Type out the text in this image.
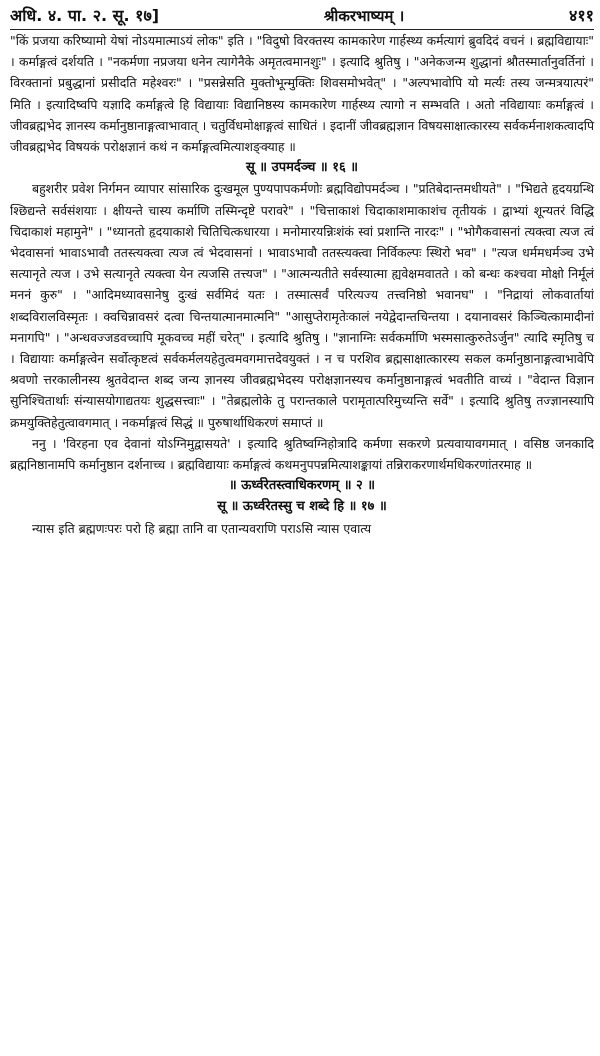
अधि. ४. पा. २. सू. १७]	श्रीकरभाष्यम् ।	४११

"किं प्रजया करिष्यामो येषां नोऽयमात्माऽयं लोक" इति । "विदुषो विरक्तस्य कामकारेण गार्हस्थ्य कर्मत्यागं ब्रुवदिदं वचनं । ब्रह्मविद्यायाः" । कर्माङ्गत्वं दर्शयति । "नकर्मणा नप्रजया धनेन त्यागेनैके अमृतत्वमानशुः" । इत्यादि श्रुतिषु । "अनेकजन्म शुद्धानां श्रौतस्मार्तानुवर्तिनां । विरक्तानां प्रबुद्धानां प्रसीदति महेश्वरः" । "प्रसन्नेसति मुक्तोभून्मुक्तिः शिवसमोभवेत्" । "अल्पभावोपि यो मर्त्यः तस्य जन्मत्रयात्परं" मिति । इत्यादिष्वपि यज्ञादि कर्माङ्गत्वे हि विद्यायाः विद्यानिष्ठस्य कामकारेण गार्हस्थ्य त्यागो न सम्भवति । अतो नविद्यायाः कर्माङ्गत्वं । जीवब्रह्मभेद ज्ञानस्य कर्मानुष्ठानाङ्गत्वाभावात् । चतुर्विधमोक्षाङ्गत्वं साधितं । इदानीं जीवब्रह्मज्ञान विषयसाक्षात्कारस्य सर्वकर्मनाशकत्वादपि जीवब्रह्मभेद विषयकं परोक्षज्ञानं कथं न कर्माङ्गत्वमित्याशङ्क्याह ॥

सू ॥ उपमर्दञ्च ॥ १६ ॥

बहुशरीर प्रवेश निर्गमन व्यापार सांसारिक दुःखमूल पुण्यपापकर्मणोः ब्रह्मविद्योपमर्दञ्च । "प्रतिबेदान्तमधीयते" । "भिद्यते हृदयग्रन्थि श्छिद्यन्ते सर्वसंशयाः । क्षीयन्ते चास्य कर्माणि तस्मिन्दृष्टे परावरे" । "चित्ताकाशं चिदाकाशमाकाशंच तृतीयकं । द्वाभ्यां शून्यतरं विद्धि चिदाकाशं महामुने" । "ध्यानतो हृदयाकाशे चितिचित्कधारया । मनोमारयन्निःशंकं स्वां प्रशान्ति नारदः" । "भोगैकवासनां त्यक्त्वा त्यज त्वं भेदवासनां भावाऽभावौ ततस्त्यक्त्वा त्यज त्वं भेदवासनां । भावाऽभावौ ततस्त्यक्त्वा निर्विकल्पः स्थिरो भव" । "त्यज धर्ममधर्मञ्च उभे सत्यानृते त्यज । उभे सत्यानृते त्यक्त्वा येन त्यजसि तत्त्यज" । "आत्मन्यतीते सर्वस्यात्मा ह्यवेक्षमवातते । को बन्धः कश्चवा मोक्षो निर्मूलं मननं कुरु" । "आदिमध्यावसानेषु दुःखं सर्वमिदं यतः । तस्मात्सर्वं परित्यज्य तत्त्वनिष्ठो भवानघ" । "निद्रायां लोकवार्तायां शब्दविरालविस्मृतः । क्वचिन्नावसरं दत्वा चिन्तयात्मानमात्मनि" "आसुप्तेरामृतेःकालं नयेद्वेदान्तचिन्तया । दयानावसरं किञ्चित्कामादीनां मनागपि" । "अन्धवज्जडवच्चापि मूकवच्च महीं चरेत्" । इत्यादि श्रुतिषु । "ज्ञानाग्निः सर्वकर्माणि भस्मसात्कुरुतेऽर्जुन" त्यादि स्मृतिषु च । विद्यायाः कर्माङ्गत्वेन सर्वोत्कृष्टत्वं सर्वकर्मलयहेतुत्वमवगमात्तदेवयुक्तं । न च परशिव ब्रह्मसाक्षात्कारस्य सकल कर्मानुष्ठानाङ्गत्वाभावेपि श्रवणो त्तरकालीनस्य श्रुतवेदान्त शब्द जन्य ज्ञानस्य जीवब्रह्मभेदस्य परोक्षज्ञानस्यच कर्मानुष्ठानाङ्गत्वं भवतीति वाच्यं । "वेदान्त विज्ञान सुनिश्चितार्थाः संन्यासयोगाद्यतयः शुद्धसत्त्वाः" । "तेब्रह्मलोके तु परान्तकाले परामृतात्परिमुच्यन्ति सर्वे" । इत्यादि श्रुतिषु तज्ज्ञानस्यापि क्रमयुक्तिहेतुत्वावगमात् । नकर्माङ्गत्वं सिद्धं ॥ पुरुषार्थाधिकरणं समाप्तं ॥

ननु । 'विरहना एव देवानां योऽग्निमुद्वासयते' । इत्यादि श्रुतिष्वग्निहोत्रादि कर्मणा सकरणे प्रत्यवायावगमात् । वसिष्ठ जनकादि ब्रह्मनिष्ठानामपि कर्मानुष्ठान दर्शनाच्च । ब्रह्मविद्यायाः कर्माङ्गत्वं कथमनुपपन्नमित्याशङ्कायां तन्निराकरणार्थमधिकरणांतरमाह ॥

॥ ऊर्ध्वरेतस्त्वाधिकरणम् ॥ २ ॥

सू ॥ ऊर्ध्वरेतस्सु च शब्दे हि ॥ १७ ॥

न्यास इति ब्रह्मणःपरः परो हि ब्रह्मा तानि वा एतान्यवराणि पराऽसि न्यास एवात्य
